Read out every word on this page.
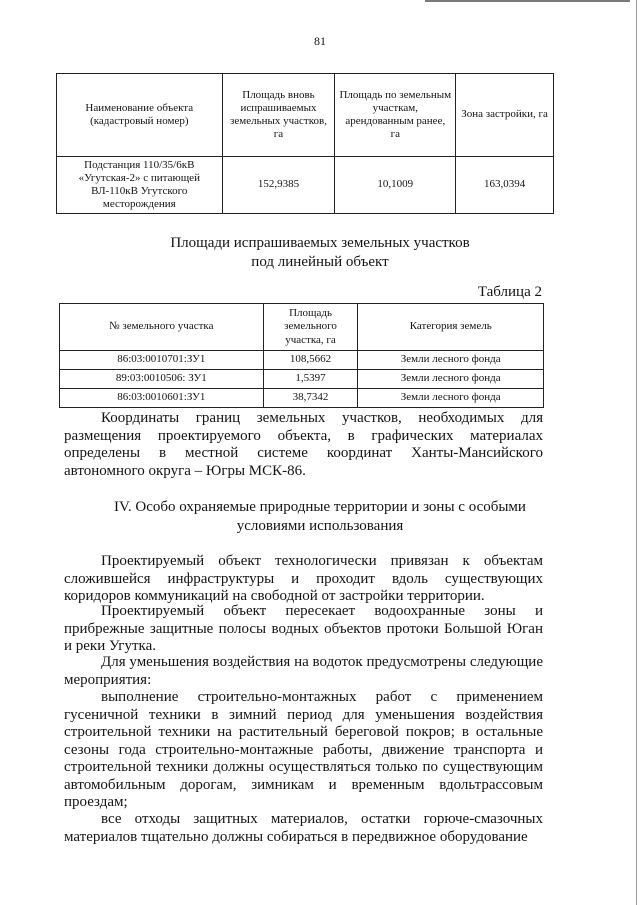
81
Наименование объекта (кадастровый номер)	Площадь вновь испрашиваемых земельных участков, га	Площадь по земельным участкам, арендованным ранее, га	Зона застройки, га
Подстанция 110/35/6кВ «Угутская-2» с питающей ВЛ-110кВ Угутского месторождения	152,9385	10,1009	163,0394
Площади испрашиваемых земельных участков
под линейный объект
Таблица 2
№ земельного участка	Площадь земельного участка, га	Категория земель
86:03:0010701:ЗУ1	108,5662	Земли лесного фонда
89:03:0010506: ЗУ1	1,5397	Земли лесного фонда
86:03:0010601:ЗУ1	38,7342	Земли лесного фонда
Координаты границ земельных участков, необходимых для размещения проектируемого объекта, в графических материалах определены в местной системе координат Ханты-Мансийского автономного округа – Югры МСК-86.
IV. Особо охраняемые природные территории и зоны с особыми
условиями использования
Проектируемый объект технологически привязан к объектам сложившейся инфраструктуры и проходит вдоль существующих коридоров коммуникаций на свободной от застройки территории.
Проектируемый объект пересекает водоохранные зоны и прибрежные защитные полосы водных объектов протоки Большой Юган и реки Угутка.
Для уменьшения воздействия на водоток предусмотрены следующие мероприятия:
выполнение строительно-монтажных работ с применением гусеничной техники в зимний период для уменьшения воздействия строительной техники на растительный береговой покров; в остальные сезоны года строительно-монтажные работы, движение транспорта и строительной техники должны осуществляться только по существующим автомобильным дорогам, зимникам и временным вдольтрассовым проездам;
все отходы защитных материалов, остатки горюче-смазочных материалов тщательно должны собираться в передвижное оборудование
